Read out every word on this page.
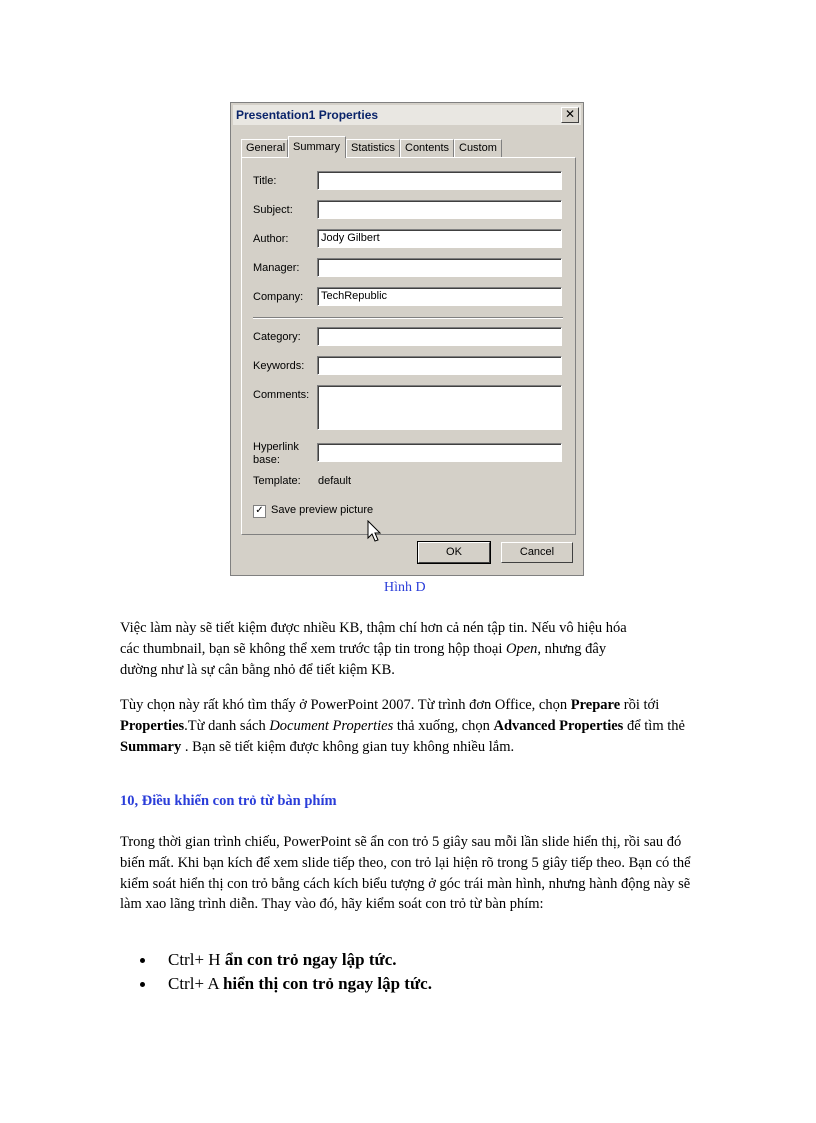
Presentation1 Properties	✕
General Summary Statistics Contents Custom
Title:
Subject:
Author:	Jody Gilbert
Manager:
Company:	TechRepublic
Category:
Keywords:
Comments:
Hyperlink
base:
Template: default
✓ Save preview picture
OK	Cancel
Hình D

Việc làm này sẽ tiết kiệm được nhiều KB, thậm chí hơn cả nén tập tin. Nếu vô hiệu hóa

các thumbnail, bạn sẽ không thể xem trước tập tin trong hộp thoại Open, nhưng đây

dường như là sự cân bằng nhỏ để tiết kiệm KB.

Tùy chọn này rất khó tìm thấy ở PowerPoint 2007. Từ trình đơn Office, chọn Prepare rồi tới Properties.Từ danh sách Document Properties thả xuống, chọn Advanced Properties để tìm thẻ Summary . Bạn sẽ tiết kiệm được không gian tuy không nhiều lắm.

10, Điều khiển con trỏ từ bàn phím

Trong thời gian trình chiếu, PowerPoint sẽ ẩn con trỏ 5 giây sau mỗi lần slide hiển thị, rồi sau đó biến mất. Khi bạn kích để xem slide tiếp theo, con trỏ lại hiện rõ trong 5 giây tiếp theo. Bạn có thể kiểm soát hiển thị con trỏ bằng cách kích biểu tượng ở góc trái màn hình, nhưng hành động này sẽ làm xao lãng trình diễn. Thay vào đó, hãy kiểm soát con trỏ từ bàn phím:

Ctrl+ H ẩn con trỏ ngay lập tức.
Ctrl+ A hiển thị con trỏ ngay lập tức.
